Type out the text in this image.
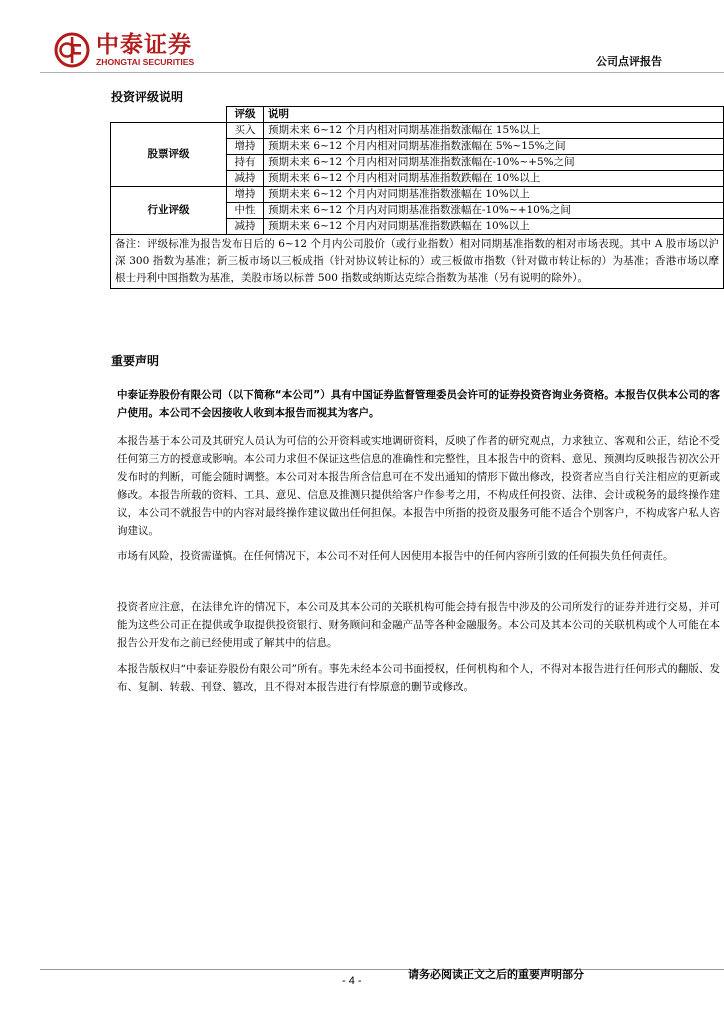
中泰证券
ZHONGTAI SECURITIES	公司点评报告
投资评级说明
	评级	说明
股票评级	买入	预期未来 6~12 个月内相对同期基准指数涨幅在 15%以上
	增持	预期未来 6~12 个月内相对同期基准指数涨幅在 5%~15%之间
	持有	预期未来 6~12 个月内相对同期基准指数涨幅在-10%~+5%之间
	减持	预期未来 6~12 个月内相对同期基准指数跌幅在 10%以上
行业评级	增持	预期未来 6~12 个月内对同期基准指数涨幅在 10%以上
	中性	预期未来 6~12 个月内对同期基准指数涨幅在-10%~+10%之间
	减持	预期未来 6~12 个月内对同期基准指数跌幅在 10%以上
备注：评级标准为报告发布日后的 6~12 个月内公司股价（或行业指数）相对同期基准指数的相对市场表现。其中 A 股市场以沪深 300 指数为基准；新三板市场以三板成指（针对协议转让标的）或三板做市指数（针对做市转让标的）为基准；香港市场以摩根士丹利中国指数为基准，美股市场以标普 500 指数或纳斯达克综合指数为基准（另有说明的除外）。		
重要声明
中泰证券股份有限公司（以下简称“本公司”）具有中国证券监督管理委员会许可的证券投资咨询业务资格。本报告仅供本公司的客户使用。本公司不会因接收人收到本报告而视其为客户。
本报告基于本公司及其研究人员认为可信的公开资料或实地调研资料，反映了作者的研究观点，力求独立、客观和公正，结论不受任何第三方的授意或影响。本公司力求但不保证这些信息的准确性和完整性，且本报告中的资料、意见、预测均反映报告初次公开发布时的判断，可能会随时调整。本公司对本报告所含信息可在不发出通知的情形下做出修改，投资者应当自行关注相应的更新或修改。本报告所载的资料、工具、意见、信息及推测只提供给客户作参考之用，不构成任何投资、法律、会计或税务的最终操作建议，本公司不就报告中的内容对最终操作建议做出任何担保。本报告中所指的投资及服务可能不适合个别客户，不构成客户私人咨询建议。
市场有风险，投资需谨慎。在任何情况下，本公司不对任何人因使用本报告中的任何内容所引致的任何损失负任何责任。
投资者应注意，在法律允许的情况下，本公司及其本公司的关联机构可能会持有报告中涉及的公司所发行的证券并进行交易，并可能为这些公司正在提供或争取提供投资银行、财务顾问和金融产品等各种金融服务。本公司及其本公司的关联机构或个人可能在本报告公开发布之前已经使用或了解其中的信息。
本报告版权归“中泰证券股份有限公司”所有。事先未经本公司书面授权，任何机构和个人，不得对本报告进行任何形式的翻版、发布、复制、转载、刊登、篡改，且不得对本报告进行有悖原意的删节或修改。
请务必阅读正文之后的重要声明部分
- 4 -
